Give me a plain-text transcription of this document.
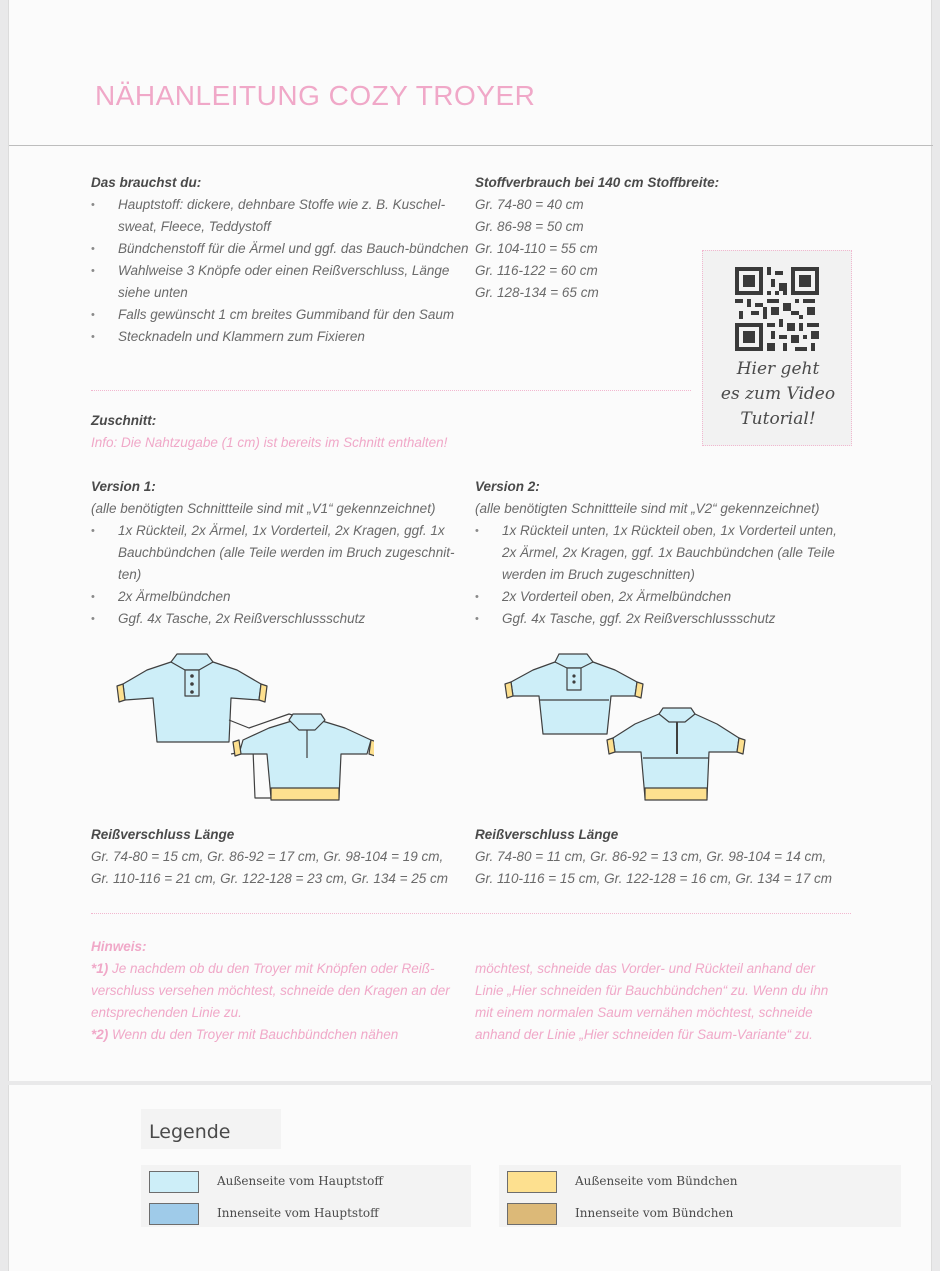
NÄHANLEITUNG COZY TROYER
Das brauchst du:
• Hauptstoff: dickere, dehnbare Stoffe wie z. B. Kuschel-sweat, Fleece, Teddystoff
• Bündchenstoff für die Ärmel und ggf. das Bauch-bündchen
• Wahlweise 3 Knöpfe oder einen Reißverschluss, Länge siehe unten
• Falls gewünscht 1 cm breites Gummiband für den Saum
• Stecknadeln und Klammern zum Fixieren
Stoffverbrauch bei 140 cm Stoffbreite:
Gr. 74-80 = 40 cm
Gr. 86-98 = 50 cm
Gr. 104-110 = 55 cm
Gr. 116-122 = 60 cm
Gr. 128-134 = 65 cm
Hier geht
es zum Video
Tutorial!
Zuschnitt:
Info: Die Nahtzugabe (1 cm) ist bereits im Schnitt enthalten!
Version 1:
(alle benötigten Schnittteile sind mit „V1“ gekennzeichnet)
• 1x Rückteil, 2x Ärmel, 1x Vorderteil, 2x Kragen, ggf. 1x Bauchbündchen (alle Teile werden im Bruch zugeschnit-ten)
• 2x Ärmelbündchen
• Ggf. 4x Tasche, 2x Reißverschlussschutz
Version 2:
(alle benötigten Schnittteile sind mit „V2“ gekennzeichnet)
• 1x Rückteil unten, 1x Rückteil oben, 1x Vorderteil unten, 2x Ärmel, 2x Kragen, ggf. 1x Bauchbündchen (alle Teile werden im Bruch zugeschnitten)
• 2x Vorderteil oben, 2x Ärmelbündchen
• Ggf. 4x Tasche, ggf. 2x Reißverschlussschutz
Reißverschluss Länge
Gr. 74-80 = 15 cm, Gr. 86-92 = 17 cm, Gr. 98-104 = 19 cm,
Gr. 110-116 = 21 cm, Gr. 122-128 = 23 cm, Gr. 134 = 25 cm
Reißverschluss Länge
Gr. 74-80 = 11 cm, Gr. 86-92 = 13 cm, Gr. 98-104 = 14 cm,
Gr. 110-116 = 15 cm, Gr. 122-128 = 16 cm, Gr. 134 = 17 cm
Hinweis:
*1) Je nachdem ob du den Troyer mit Knöpfen oder Reiß-
verschluss versehen möchtest, schneide den Kragen an der
entsprechenden Linie zu.
*2) Wenn du den Troyer mit Bauchbündchen nähen
möchtest, schneide das Vorder- und Rückteil anhand der
Linie „Hier schneiden für Bauchbündchen“ zu. Wenn du ihn
mit einem normalen Saum vernähen möchtest, schneide
anhand der Linie „Hier schneiden für Saum-Variante“ zu.
Legende
Außenseite vom Hauptstoff
Innenseite vom Hauptstoff
Außenseite vom Bündchen
Innenseite vom Bündchen
